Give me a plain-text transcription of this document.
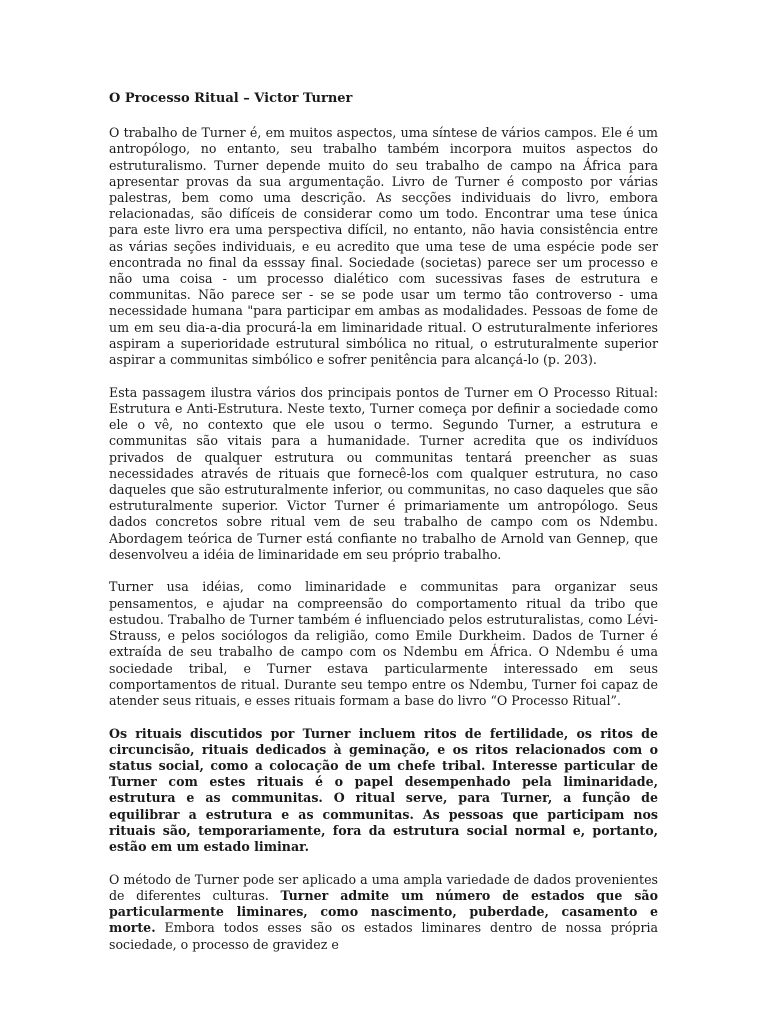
O Processo Ritual – Victor Turner

O trabalho de Turner é, em muitos aspectos, uma síntese de vários campos. Ele é um antropólogo, no entanto, seu trabalho também incorpora muitos aspectos do estruturalismo. Turner depende muito do seu trabalho de campo na África para apresentar provas da sua argumentação. Livro de Turner é composto por várias palestras, bem como uma descrição. As secções individuais do livro, embora relacionadas, são difíceis de considerar como um todo. Encontrar uma tese única para este livro era uma perspectiva difícil, no entanto, não havia consistência entre as várias seções individuais, e eu acredito que uma tese de uma espécie pode ser encontrada no final da esssay final. Sociedade (societas) parece ser um processo e não uma coisa - um processo dialético com sucessivas fases de estrutura e communitas. Não parece ser - se se pode usar um termo tão controverso - uma necessidade humana "para participar em ambas as modalidades. Pessoas de fome de um em seu dia-a-dia procurá-la em liminaridade ritual. O estruturalmente inferiores aspiram a superioridade estrutural simbólica no ritual, o estruturalmente superior aspirar a communitas simbólico e sofrer penitência para alcançá-lo (p. 203).

Esta passagem ilustra vários dos principais pontos de Turner em O Processo Ritual: Estrutura e Anti-Estrutura. Neste texto, Turner começa por definir a sociedade como ele o vê, no contexto que ele usou o termo. Segundo Turner, a estrutura e communitas são vitais para a humanidade. Turner acredita que os indivíduos privados de qualquer estrutura ou communitas tentará preencher as suas necessidades através de rituais que fornecê-los com qualquer estrutura, no caso daqueles que são estruturalmente inferior, ou communitas, no caso daqueles que são estruturalmente superior. Victor Turner é primariamente um antropólogo. Seus dados concretos sobre ritual vem de seu trabalho de campo com os Ndembu. Abordagem teórica de Turner está confiante no trabalho de Arnold van Gennep, que desenvolveu a idéia de liminaridade em seu próprio trabalho.

Turner usa idéias, como liminaridade e communitas para organizar seus pensamentos, e ajudar na compreensão do comportamento ritual da tribo que estudou. Trabalho de Turner também é influenciado pelos estruturalistas, como Lévi-Strauss, e pelos sociólogos da religião, como Emile Durkheim. Dados de Turner é extraída de seu trabalho de campo com os Ndembu em África. O Ndembu é uma sociedade tribal, e Turner estava particularmente interessado em seus comportamentos de ritual. Durante seu tempo entre os Ndembu, Turner foi capaz de atender seus rituais, e esses rituais formam a base do livro “O Processo Ritual”.

Os rituais discutidos por Turner incluem ritos de fertilidade, os ritos de circuncisão, rituais dedicados à geminação, e os ritos relacionados com o status social, como a colocação de um chefe tribal. Interesse particular de Turner com estes rituais é o papel desempenhado pela liminaridade, estrutura e as communitas. O ritual serve, para Turner, a função de equilibrar a estrutura e as communitas. As pessoas que participam nos rituais são, temporariamente, fora da estrutura social normal e, portanto, estão em um estado liminar.

O método de Turner pode ser aplicado a uma ampla variedade de dados provenientes de diferentes culturas. Turner admite um número de estados que são particularmente liminares, como nascimento, puberdade, casamento e morte. Embora todos esses são os estados liminares dentro de nossa própria sociedade, o processo de gravidez e
